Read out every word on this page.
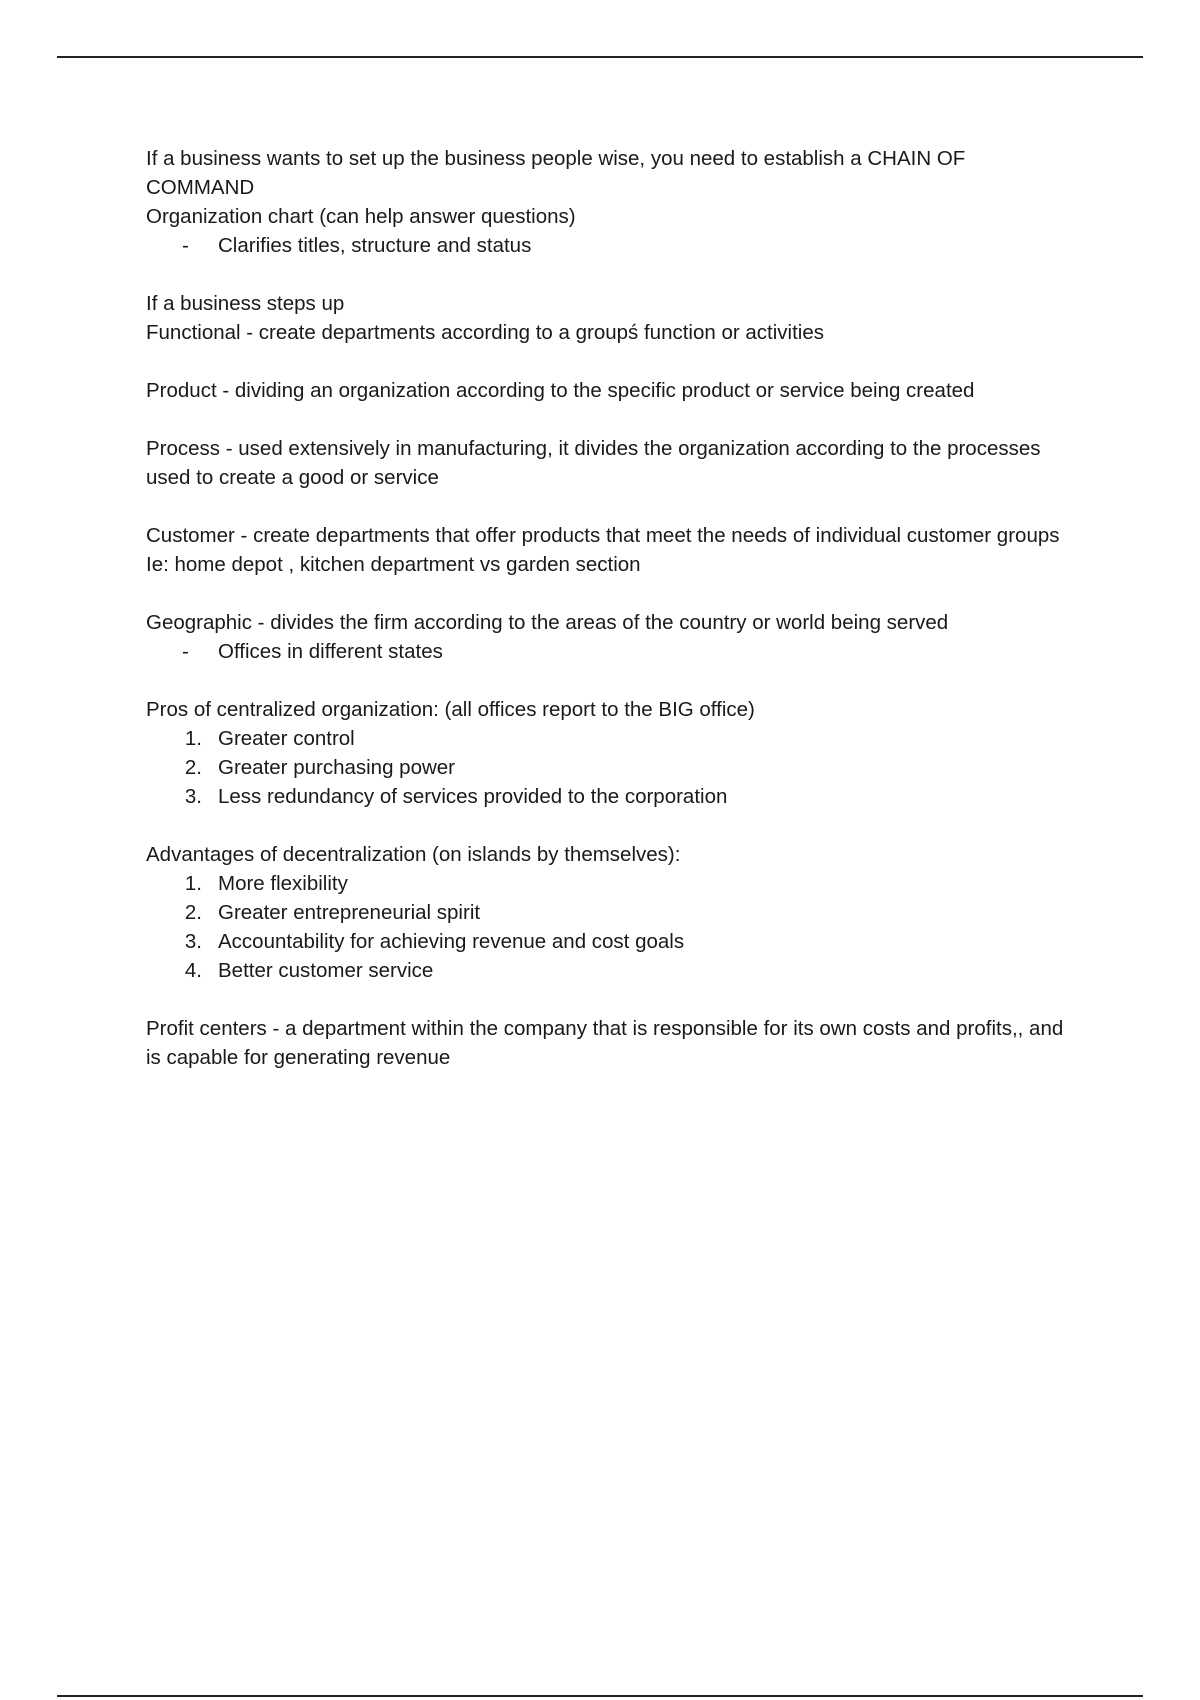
If a business wants to set up the business people wise, you need to establish a CHAIN OF COMMAND

Organization chart (can help answer questions)

- Clarifies titles, structure and status

If a business steps up

Functional - create departments according to a groupś function or activities

Product - dividing an organization according to the specific product or service being created

Process - used extensively in manufacturing, it divides the organization according to the processes used to create a good or service

Customer - create departments that offer products that meet the needs of individual customer groups

Ie: home depot , kitchen department vs garden section

Geographic - divides the firm according to the areas of the country or world being served

- Offices in different states

Pros of centralized organization: (all offices report to the BIG office)

1. Greater control
2. Greater purchasing power
3. Less redundancy of services provided to the corporation

Advantages of decentralization (on islands by themselves):

1. More flexibility
2. Greater entrepreneurial spirit
3. Accountability for achieving revenue and cost goals
4. Better customer service

Profit centers - a department within the company that is responsible for its own costs and profits,, and is capable for generating revenue
